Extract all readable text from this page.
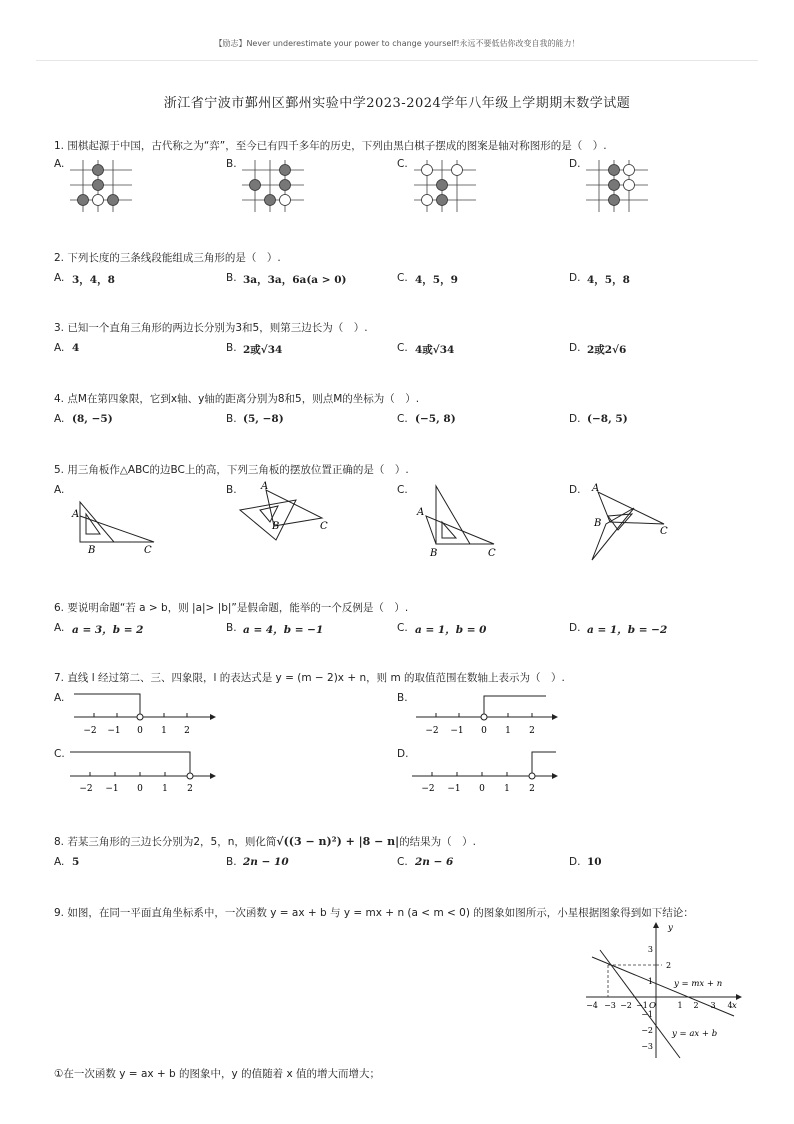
【励志】Never underestimate your power to change yourself!永远不要低估你改变自我的能力！
浙江省宁波市鄞州区鄞州实验中学2023-2024学年八年级上学期期末数学试题
1. 围棋起源于中国，古代称之为“弈”，至今已有四千多年的历史，下列由黑白棋子摆成的图案是轴对称图形的是（　）.
A.	B.	C.	D.
2. 下列长度的三条线段能组成三角形的是（　）.
A. 3，4，8	B. 3a，3a，6a(a > 0)	C. 4，5，9	D. 4，5，8
3. 已知一个直角三角形的两边长分别为3和5，则第三边长为（　）.
A. 4	B. 2或√34	C. 4或√34	D. 2或2√6
4. 点M在第四象限，它到x轴、y轴的距离分别为8和5，则点M的坐标为（　）.
A. (8, −5)	B. (5, −8)	C. (−5, 8)	D. (−8, 5)
5. 用三角板作△ABC的边BC上的高，下列三角板的摆放位置正确的是（　）.
A.	B.	C.	D.
A
B	C
A
B	C
A
B	C
A
B
C
6. 要说明命题“若 a > b，则 |a|> |b|”是假命题，能举的一个反例是（　）.
A. a = 3，b = 2	B. a = 4，b = −1	C. a = 1，b = 0	D. a = 1，b = −2
7. 直线 l 经过第二、三、四象限，l 的表达式是 y = (m − 2)x + n，则 m 的取值范围在数轴上表示为（　）.
A.	B.
C.	D.
−2 −1 0 1 2	−2 −1 0 1 2
−2 −1 0 1 2	−2 −1 0 1 2
8. 若某三角形的三边长分别为2，5，n，则化简√((3 − n)²) + |8 − n|的结果为（　）.
A. 5	B. 2n − 10	C. 2n − 6	D. 10
9. 如图，在同一平面直角坐标系中，一次函数 y = ax + b 与 y = mx + n (a < m < 0) 的图象如图所示，小星根据图象得到如下结论：
y
x
O
y = mx + n
y = ax + b
−4 −3 −2 −1	1 2 3 4
3
2
1
−1
−2
−3
①在一次函数 y = ax + b 的图象中，y 的值随着 x 值的增大而增大；
